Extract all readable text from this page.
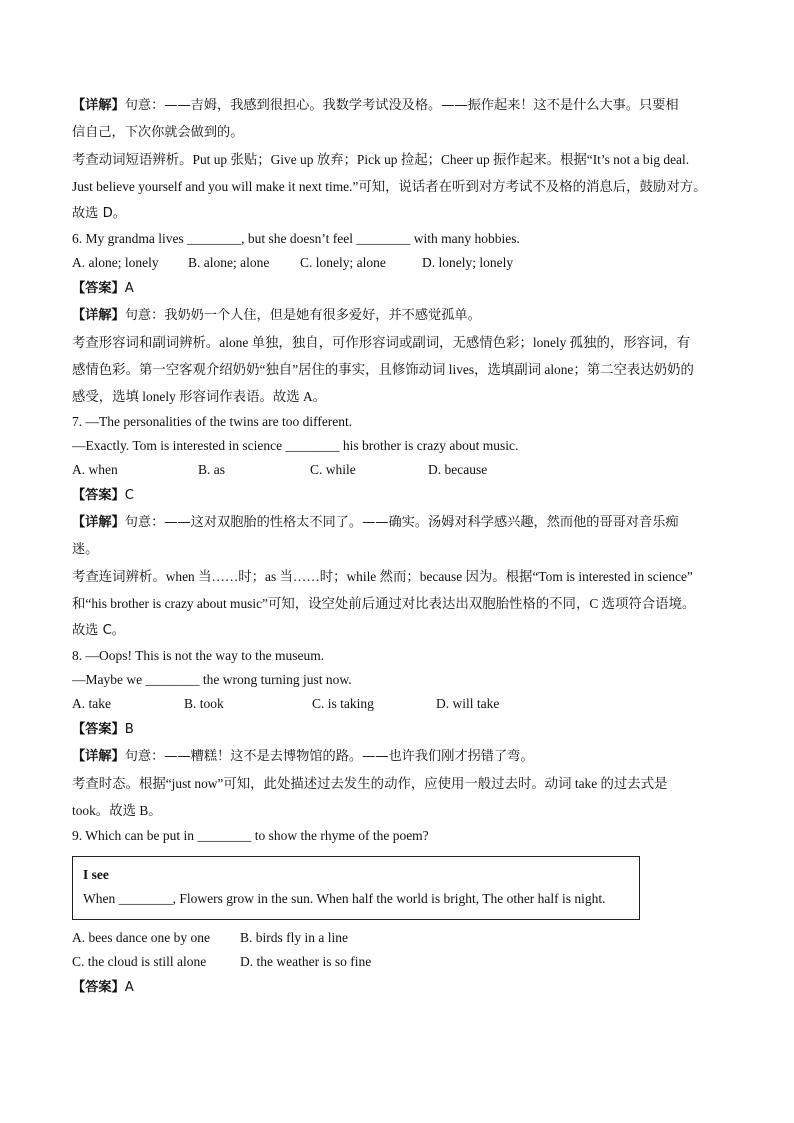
【详解】句意：——吉姆，我感到很担心。我数学考试没及格。——振作起来！这不是什么大事。只要相

信自己，下次你就会做到的。

考查动词短语辨析。Put up 张贴；Give up 放弃；Pick up 捡起；Cheer up 振作起来。根据“It’s not a big deal.

Just believe yourself and you will make it next time.”可知，说话者在听到对方考试不及格的消息后，鼓励对方。

故选 D。

6. My grandma lives ________, but she doesn’t feel ________ with many hobbies.

A. alone; lonely	B. alone; alone	C. lonely; alone	D. lonely; lonely

【答案】A

【详解】句意：我奶奶一个人住，但是她有很多爱好，并不感觉孤单。

考查形容词和副词辨析。alone 单独，独自，可作形容词或副词，无感情色彩；lonely 孤独的，形容词，有

感情色彩。第一空客观介绍奶奶“独自”居住的事实，且修饰动词 lives，选填副词 alone；第二空表达奶奶的

感受，选填 lonely 形容词作表语。故选 A。

7. —The personalities of the twins are too different.

—Exactly. Tom is interested in science ________ his brother is crazy about music.

A. when	B. as	C. while	D. because

【答案】C

【详解】句意：——这对双胞胎的性格太不同了。——确实。汤姆对科学感兴趣，然而他的哥哥对音乐痴

迷。

考查连词辨析。when 当……时；as 当……时；while 然而；because 因为。根据“Tom is interested in science”

和“his brother is crazy about music”可知，设空处前后通过对比表达出双胞胎性格的不同，C 选项符合语境。

故选 C。

8. —Oops! This is not the way to the museum.

—Maybe we ________ the wrong turning just now.

A. take	B. took	C. is taking	D. will take

【答案】B

【详解】句意：——糟糕！这不是去博物馆的路。——也许我们刚才拐错了弯。

考查时态。根据“just now”可知，此处描述过去发生的动作，应使用一般过去时。动词 take 的过去式是

took。故选 B。

9. Which can be put in ________ to show the rhyme of the poem?

I see

When ________, Flowers grow in the sun. When half the world is bright, The other half is night.

A. bees dance one by one	B. birds fly in a line
C. the cloud is still alone	D. the weather is so fine

【答案】A
